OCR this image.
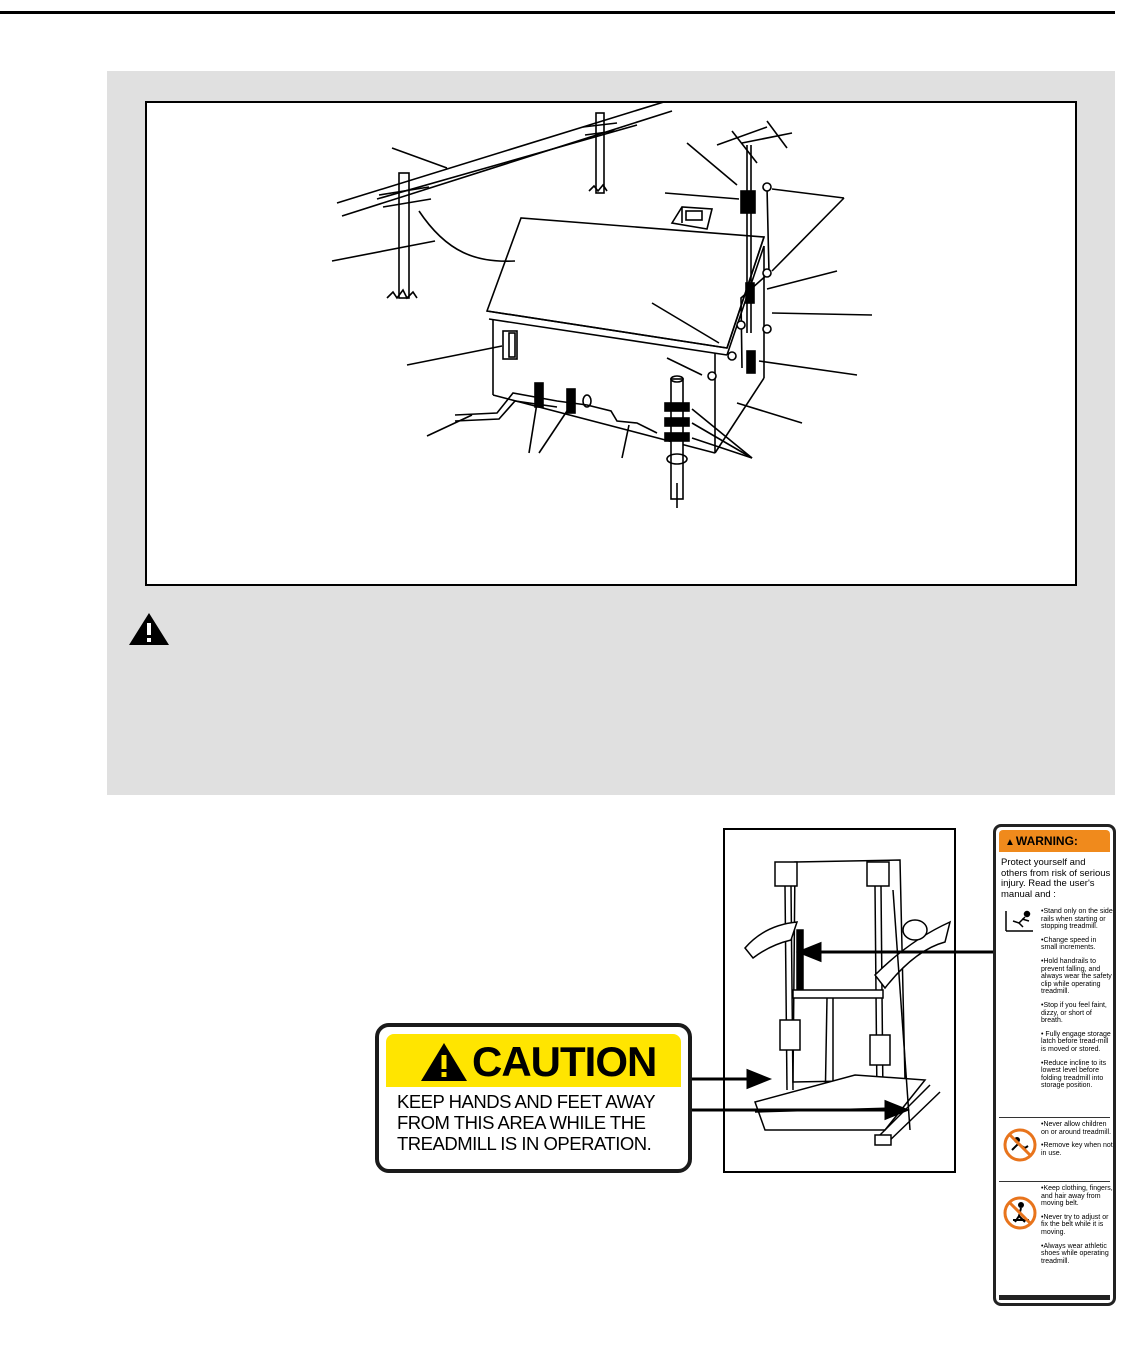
CAUTION
KEEP HANDS AND FEET AWAY
FROM THIS AREA WHILE THE
TREADMILL IS IN OPERATION.
▲WARNING:
Protect yourself and others from risk of serious injury. Read the user's manual and :
•Stand only on the side rails when starting or stopping treadmill.
•Change speed in small increments.
•Hold handrails to prevent falling, and always wear the safety clip while operating treadmill.
•Stop if you feel faint, dizzy, or short of breath.
• Fully engage storage latch before tread-mill is moved or stored.
•Reduce incline to its lowest level before folding treadmill into storage position.
•Never allow children on or around treadmill.
•Remove key when not in use.
•Keep clothing, fingers, and hair away from moving belt.
•Never try to adjust or fix the belt while it is moving.
•Always wear athletic shoes while operating treadmill.
